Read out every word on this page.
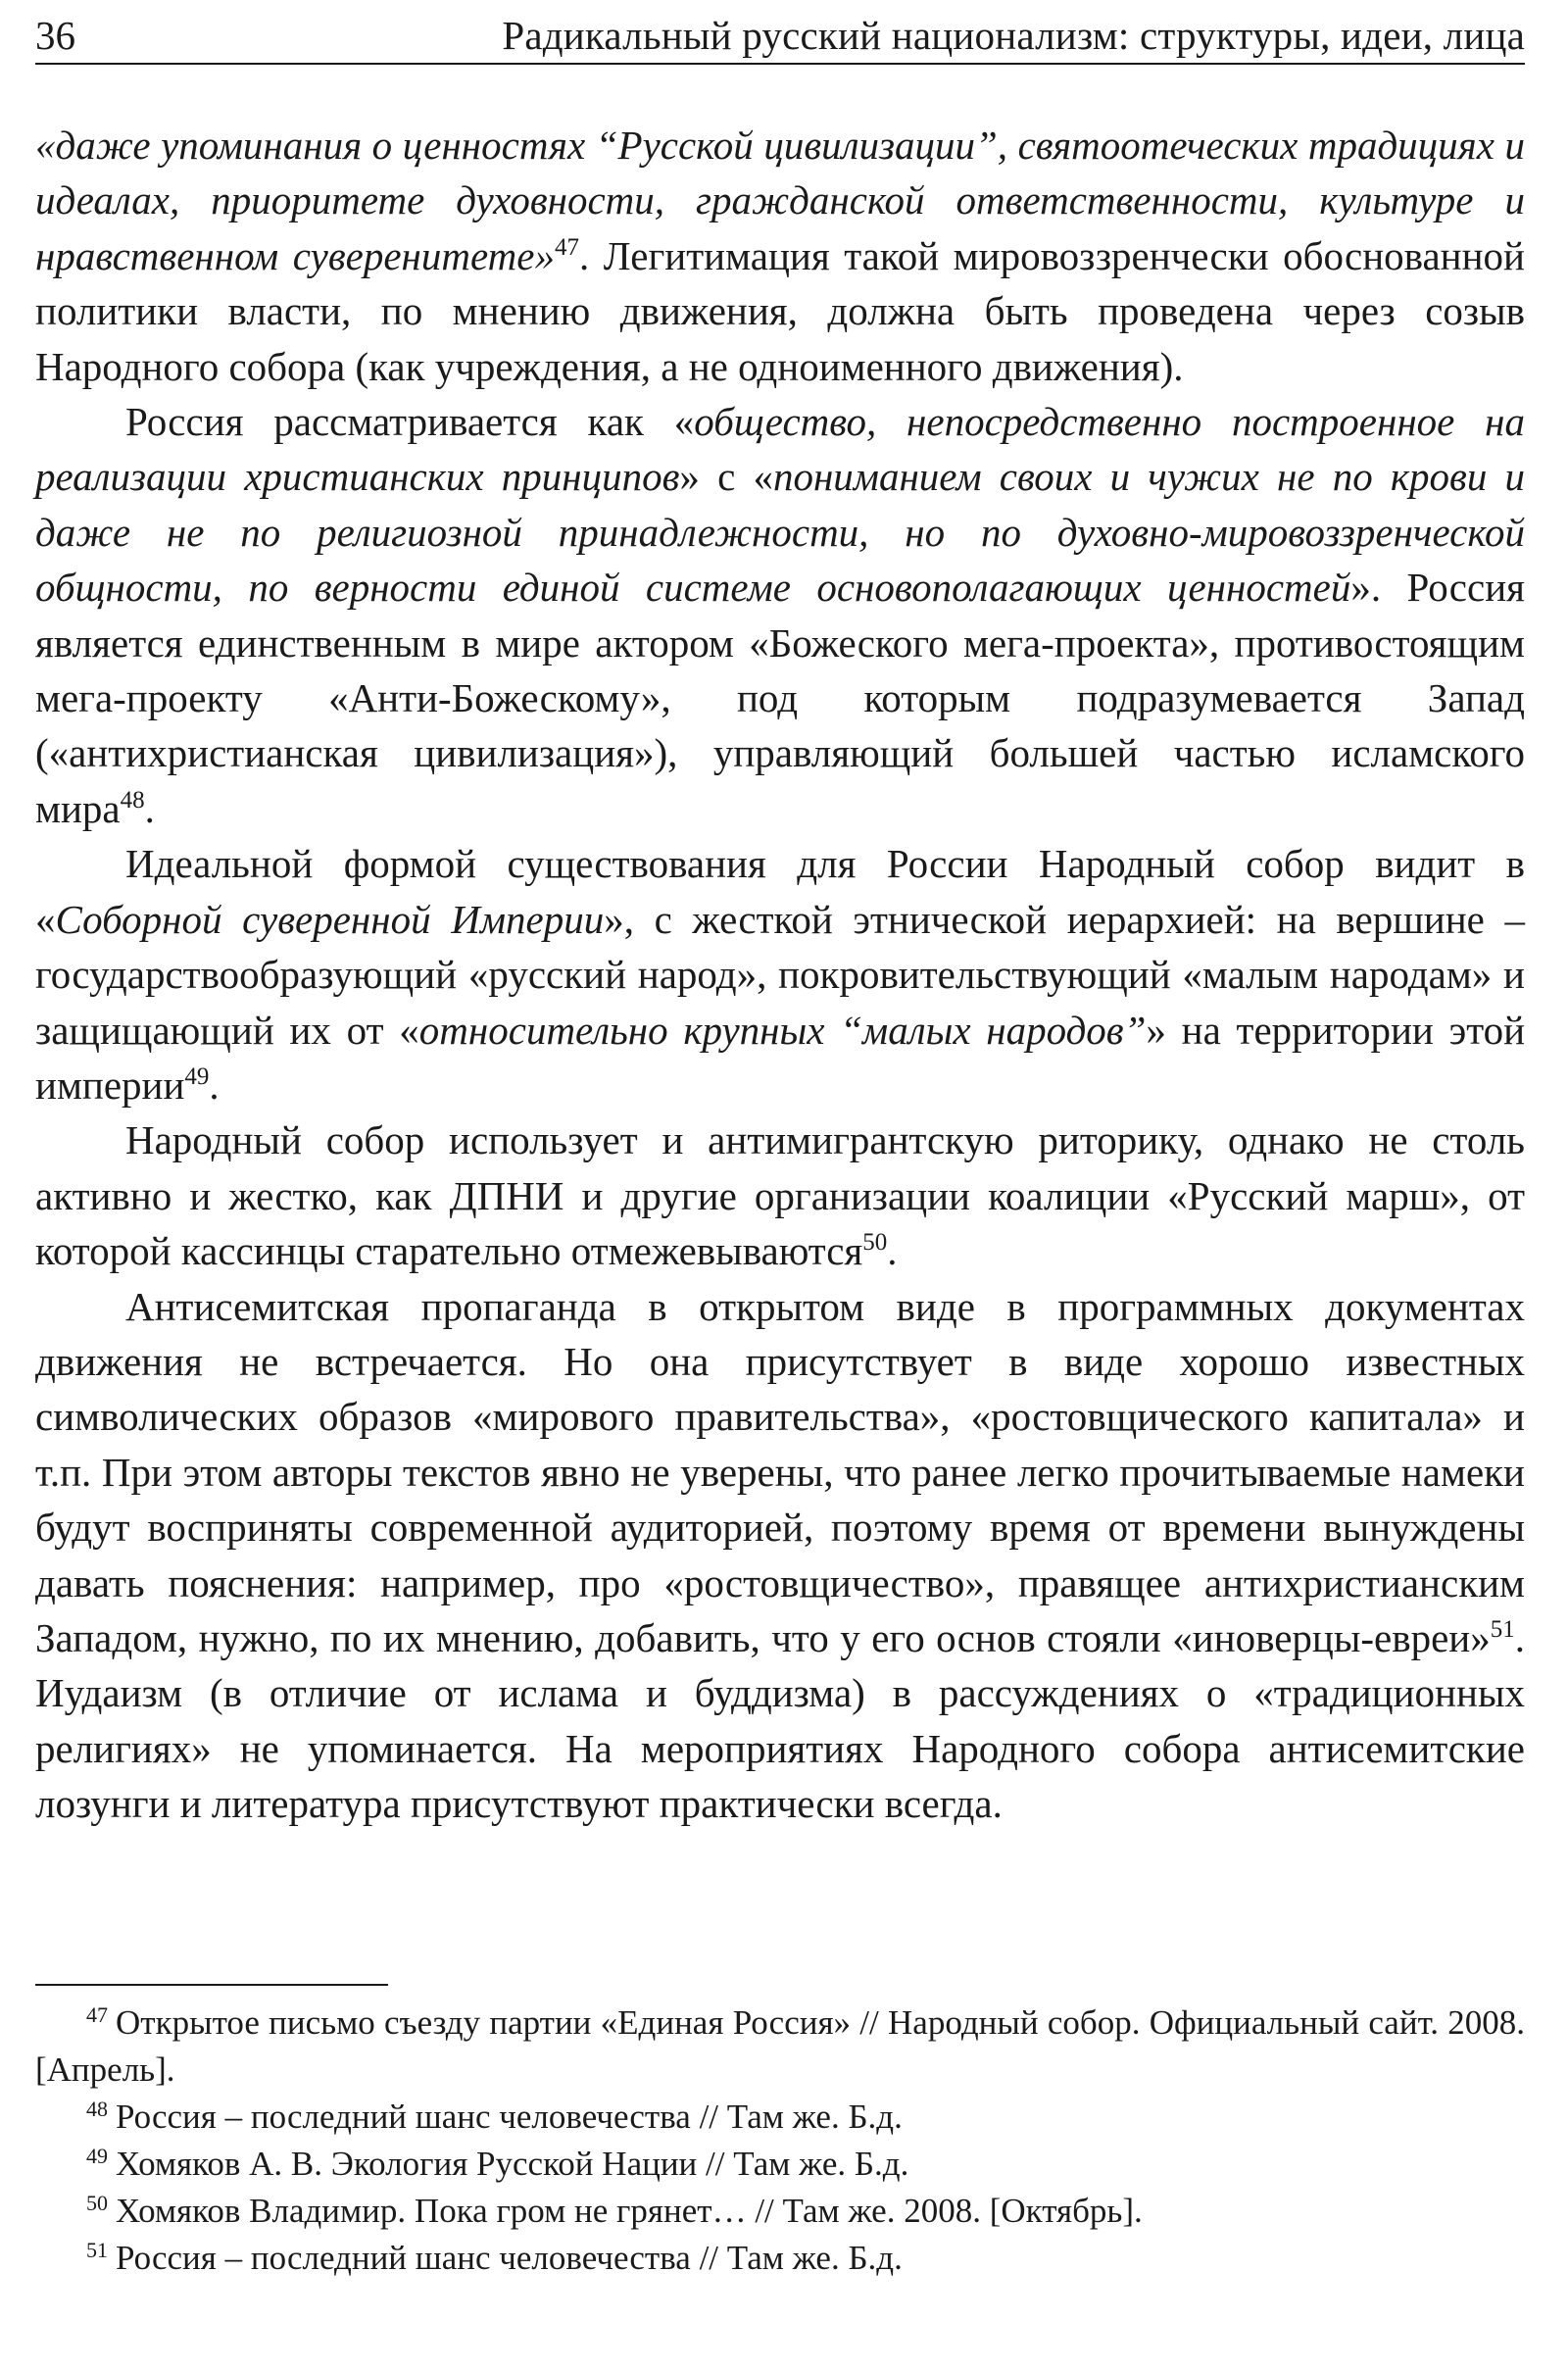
36	Радикальный русский национализм: структуры, идеи, лица

«даже упоминания о ценностях “Русской цивилизации”, святоотеческих традициях и идеалах, приоритете духовности, гражданской ответственности, культуре и нравственном суверенитете»$^{47}$. Легитимация такой мировоззренчески обоснованной политики власти, по мнению движения, должна быть проведена через созыв Народного собора (как учреждения, а не одноименного движения).

Россия рассматривается как «общество, непосредственно построенное на реализации христианских принципов» с «пониманием своих и чужих не по крови и даже не по религиозной принадлежности, но по духовно-мировоззренческой общности, по верности единой системе основополагающих ценностей». Россия является единственным в мире актором «Божеского мега-проекта», противостоящим мега-проекту «Анти-Божескому», под которым подразумевается Запад («антихристианская цивилизация»), управляющий большей частью исламского мира$^{48}$.

Идеальной формой существования для России Народный собор видит в «Соборной суверенной Империи», с жесткой этнической иерархией: на вершине – государствообразующий «русский народ», покровительствующий «малым народам» и защищающий их от «относительно крупных “малых народов”» на территории этой империи$^{49}$.

Народный собор использует и антимигрантскую риторику, однако не столь активно и жестко, как ДПНИ и другие организации коалиции «Русский марш», от которой кассинцы старательно отмежевываются$^{50}$.

Антисемитская пропаганда в открытом виде в программных документах движения не встречается. Но она присутствует в виде хорошо известных символических образов «мирового правительства», «ростовщического капитала» и т.п. При этом авторы текстов явно не уверены, что ранее легко прочитываемые намеки будут восприняты современной аудиторией, поэтому время от времени вынуждены давать пояснения: например, про «ростовщичество», правящее антихристианским Западом, нужно, по их мнению, добавить, что у его основ стояли «иноверцы-евреи»$^{51}$. Иудаизм (в отличие от ислама и буддизма) в рассуждениях о «традиционных религиях» не упоминается. На мероприятиях Народного собора антисемитские лозунги и литература присутствуют практически всегда.

$^{47}$ Открытое письмо съезду партии «Единая Россия» // Народный собор. Официальный сайт. 2008. [Апрель].

$^{48}$ Россия – последний шанс человечества // Там же. Б.д.

$^{49}$ Хомяков А. В. Экология Русской Нации // Там же. Б.д.

$^{50}$ Хомяков Владимир. Пока гром не грянет… // Там же. 2008. [Октябрь].

$^{51}$ Россия – последний шанс человечества // Там же. Б.д.
